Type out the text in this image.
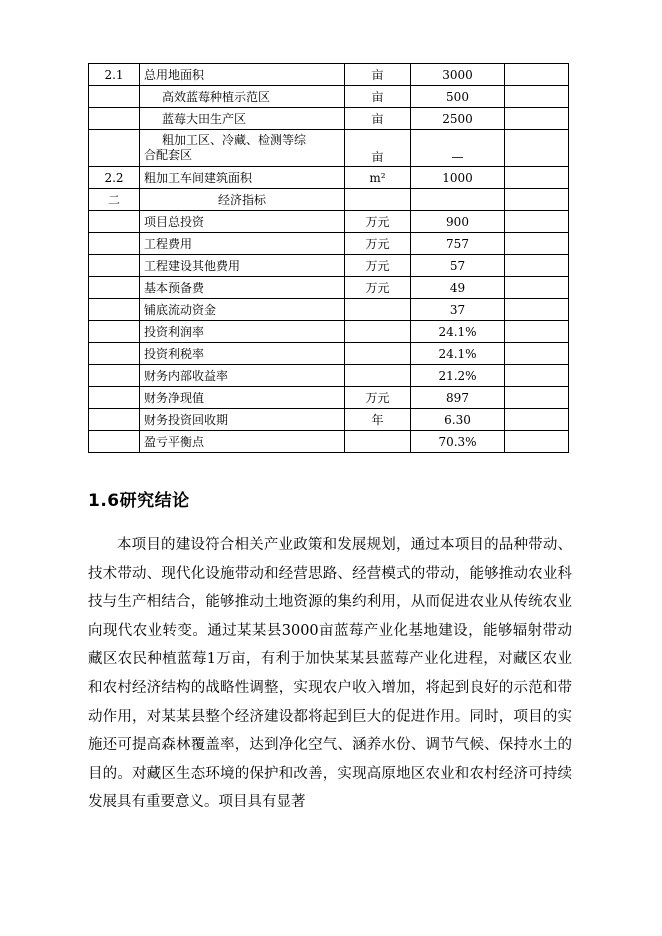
2.1	总用地面积	亩	3000	
	高效蓝莓种植示范区	亩	500	
	蓝莓大田生产区	亩	2500	

	粗加工区、冷藏、检测等综
合配套区	亩	—	
2.2	粗加工车间建筑面积	m²	1000	
二	经济指标			
	项目总投资	万元	900	
	工程费用	万元	757	
	工程建设其他费用	万元	57	
	基本预备费	万元	49	
	铺底流动资金		37	
	投资利润率		24.1%	
	投资利税率		24.1%	
	财务内部收益率		21.2%	
	财务净现值	万元	897	
	财务投资回收期	年	6.30	
	盈亏平衡点		70.3%	
1.6研究结论

本项目的建设符合相关产业政策和发展规划，通过本项目的品种带动、技术带动、现代化设施带动和经营思路、经营模式的带动，能够推动农业科技与生产相结合，能够推动土地资源的集约利用，从而促进农业从传统农业向现代农业转变。通过某某县3000亩蓝莓产业化基地建设，能够辐射带动藏区农民种植蓝莓1万亩，有利于加快某某县蓝莓产业化进程，对藏区农业和农村经济结构的战略性调整，实现农户收入增加，将起到良好的示范和带动作用，对某某县整个经济建设都将起到巨大的促进作用。同时，项目的实施还可提高森林覆盖率，达到净化空气、涵养水份、调节气候、保持水土的目的。对藏区生态环境的保护和改善，实现高原地区农业和农村经济可持续发展具有重要意义。项目具有显著
